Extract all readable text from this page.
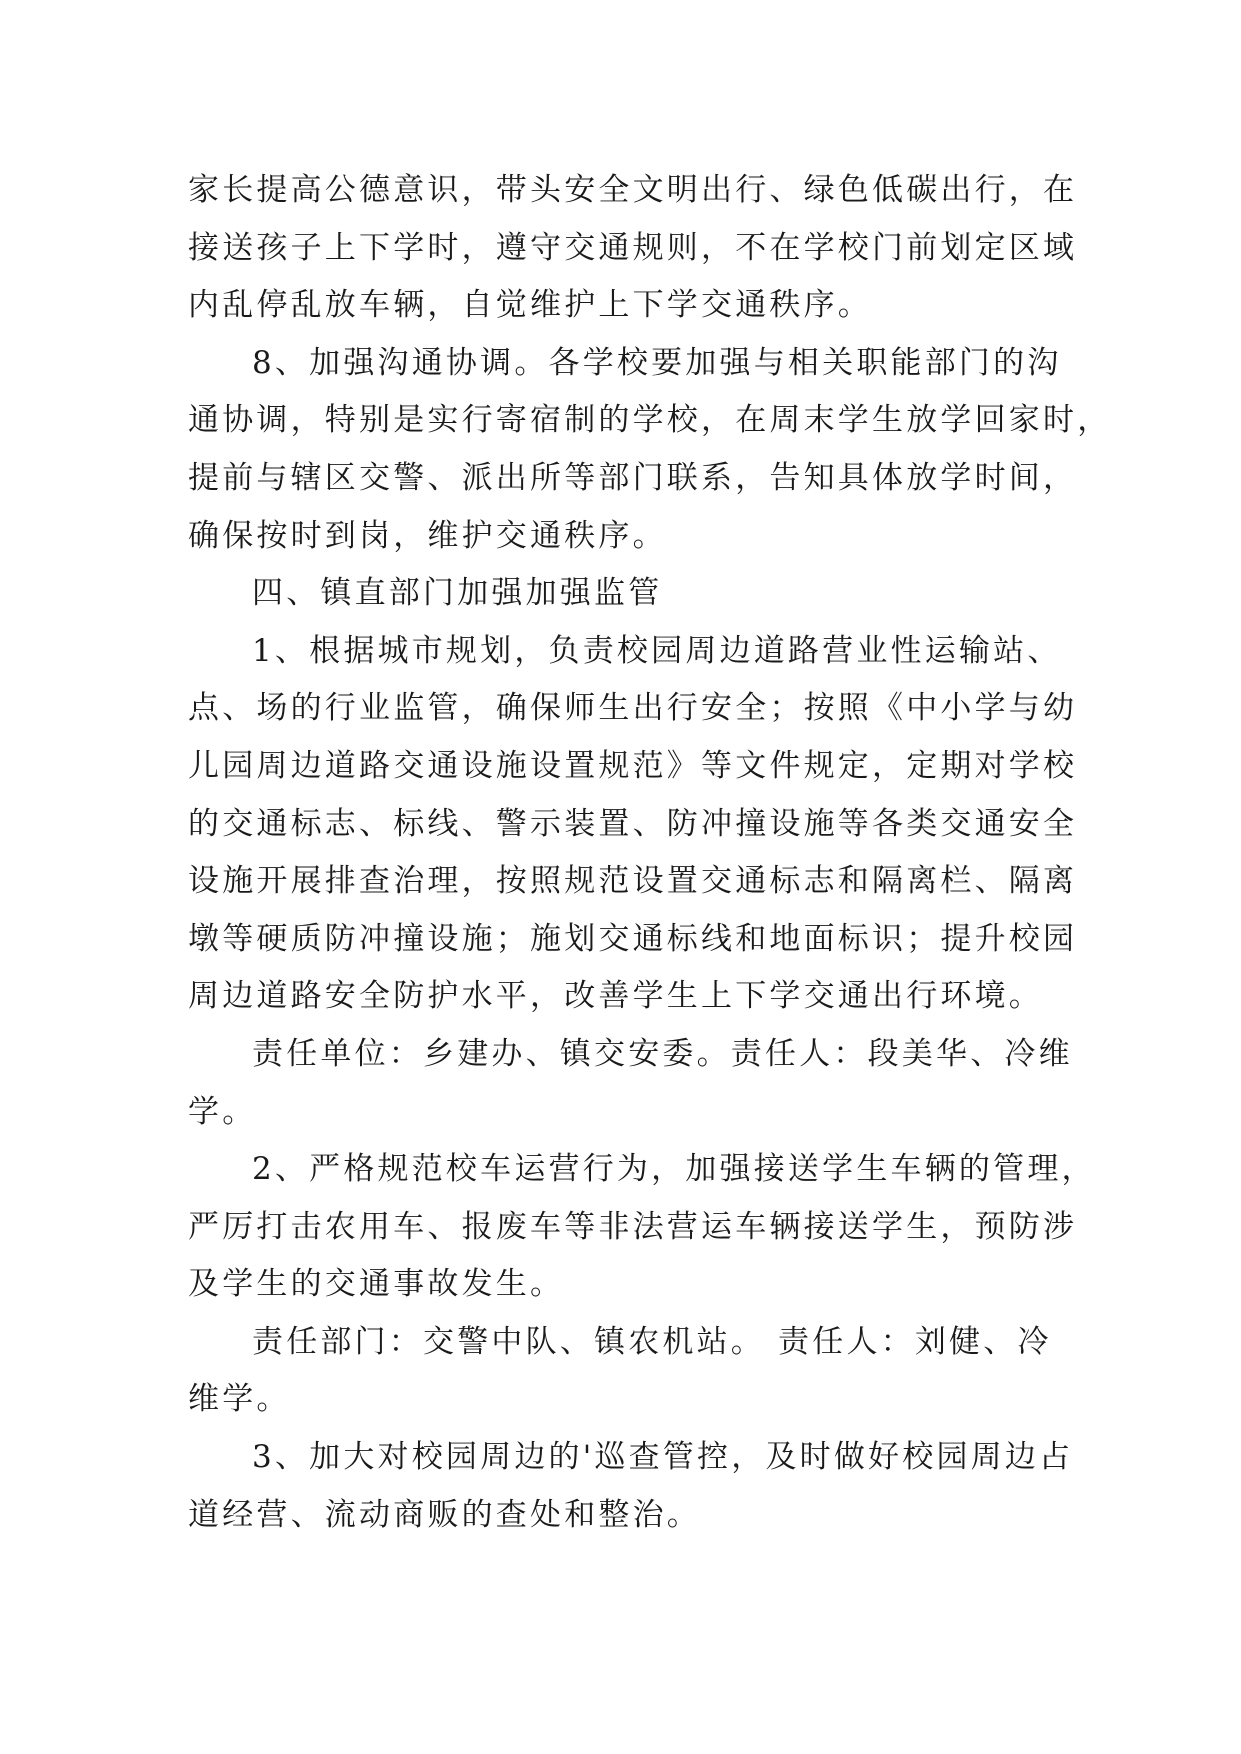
家长提高公德意识，带头安全文明出行、绿色低碳出行，在
接送孩子上下学时，遵守交通规则，不在学校门前划定区域
内乱停乱放车辆，自觉维护上下学交通秩序。
8、加强沟通协调。各学校要加强与相关职能部门的沟
通协调，特别是实行寄宿制的学校，在周末学生放学回家时，
提前与辖区交警、派出所等部门联系，告知具体放学时间，
确保按时到岗，维护交通秩序。
四、镇直部门加强加强监管
1、根据城市规划，负责校园周边道路营业性运输站、
点、场的行业监管，确保师生出行安全；按照《中小学与幼
儿园周边道路交通设施设置规范》等文件规定，定期对学校
的交通标志、标线、警示装置、防冲撞设施等各类交通安全
设施开展排查治理，按照规范设置交通标志和隔离栏、隔离
墩等硬质防冲撞设施；施划交通标线和地面标识；提升校园
周边道路安全防护水平，改善学生上下学交通出行环境。
责任单位：乡建办、镇交安委。责任人：段美华、冷维
学。
2、严格规范校车运营行为，加强接送学生车辆的管理，
严厉打击农用车、报废车等非法营运车辆接送学生，预防涉
及学生的交通事故发生。
责任部门：交警中队、镇农机站。 责任人：刘健、冷
维学。
3、加大对校园周边的'巡查管控，及时做好校园周边占
道经营、流动商贩的查处和整治。
